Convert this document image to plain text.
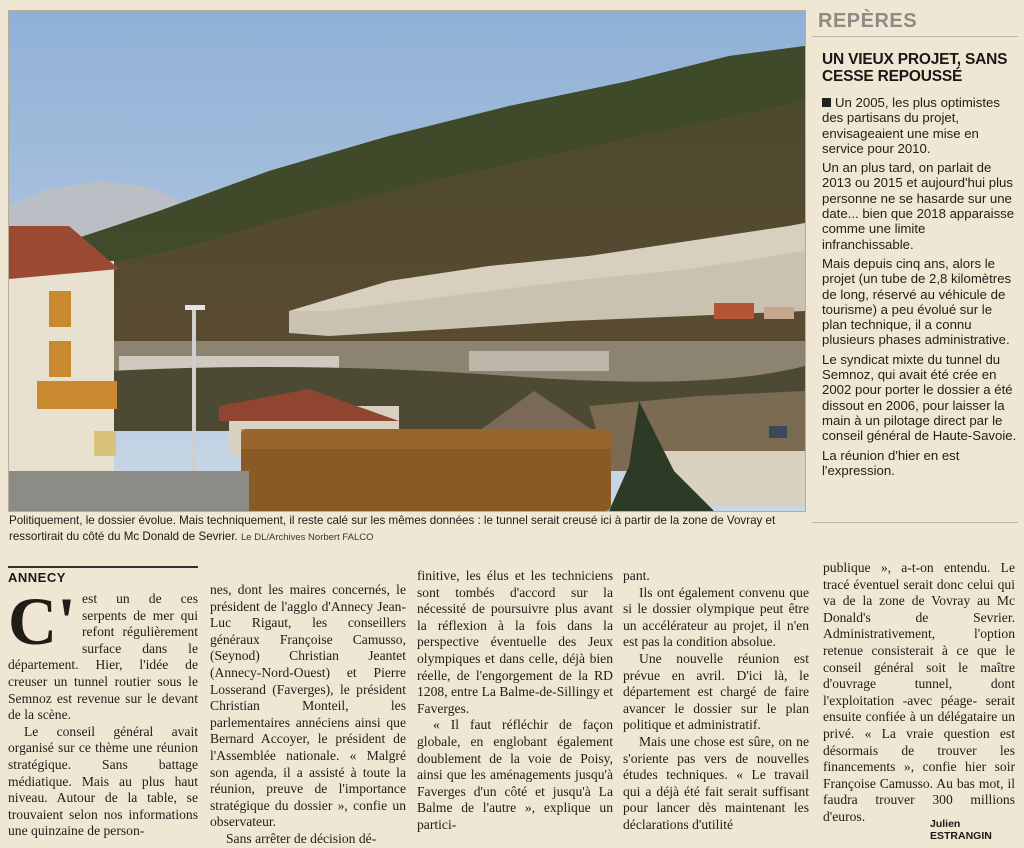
Politiquement, le dossier évolue. Mais techniquement, il reste calé sur les mêmes données : le tunnel serait creusé ici à partir de la zone de Vovray et ressortirait du côté du Mc Donald de Sevrier. Le DL/Archives Norbert FALCO
REPÈRES
UN VIEUX PROJET, SANS CESSE REPOUSSÉ

Un 2005, les plus optimistes des partisans du projet, envisageaient une mise en service pour 2010.

Un an plus tard, on parlait de 2013 ou 2015 et aujourd'hui plus personne ne se hasarde sur une date... bien que 2018 apparaisse comme une limite infranchissable.

Mais depuis cinq ans, alors le projet (un tube de 2,8 kilomètres de long, réservé au véhicule de tourisme) a peu évolué sur le plan technique, il a connu plusieurs phases administrative.

Le syndicat mixte du tunnel du Semnoz, qui avait été crée en 2002 pour porter le dossier a été dissout en 2006, pour laisser la main à un pilotage direct par le conseil général de Haute-Savoie.

La réunion d'hier en est l'expression.

ANNECY

C' est un de ces serpents de mer qui refont régulièrement surface dans le département. Hier, l'idée de creuser un tunnel routier sous le Semnoz est revenue sur le devant de la scène.

Le conseil général avait organisé sur ce thème une réunion stratégique. Sans battage médiatique. Mais au plus haut niveau. Autour de la table, se trouvaient selon nos informations une quinzaine de person-

nes, dont les maires concernés, le président de l'agglo d'Annecy Jean-Luc Rigaut, les conseillers généraux Françoise Camusso, (Seynod) Christian Jeantet (Annecy-Nord-Ouest) et Pierre Losserand (Faverges), le président Christian Monteil, les parlementaires annéciens ainsi que Bernard Accoyer, le président de l'Assemblée nationale. « Malgré son agenda, il a assisté à toute la réunion, preuve de l'importance stratégique du dossier », confie un observateur.

Sans arrêter de décision dé-

finitive, les élus et les techniciens sont tombés d'accord sur la nécessité de poursuivre plus avant la réflexion à la fois dans la perspective éventuelle des Jeux olympiques et dans celle, déjà bien réelle, de l'engorgement de la RD 1208, entre La Balme-de-Sillingy et Faverges.

« Il faut réfléchir de façon globale, en englobant également doublement de la voie de Poisy, ainsi que les aménagements jusqu'à Faverges d'un côté et jusqu'à La Balme de l'autre », explique un partici-

pant.

Ils ont également convenu que si le dossier olympique peut être un accélérateur au projet, il n'en est pas la condition absolue.

Une nouvelle réunion est prévue en avril. D'ici là, le département est chargé de faire avancer le dossier sur le plan politique et administratif.

Mais une chose est sûre, on ne s'oriente pas vers de nouvelles études techniques. « Le travail qui a déjà été fait serait suffisant pour lancer dès maintenant les déclarations d'utilité

publique », a-t-on entendu. Le tracé éventuel serait donc celui qui va de la zone de Vovray au Mc Donald's de Sevrier. Administrativement, l'option retenue consisterait à ce que le conseil général soit le maître d'ouvrage tunnel, dont l'exploitation -avec péage- serait ensuite confiée à un délégataire un privé. « La vraie question est désormais de trouver les financements », confie hier soir Françoise Camusso. Au bas mot, il faudra trouver 300 millions d'euros.

Julien ESTRANGIN
